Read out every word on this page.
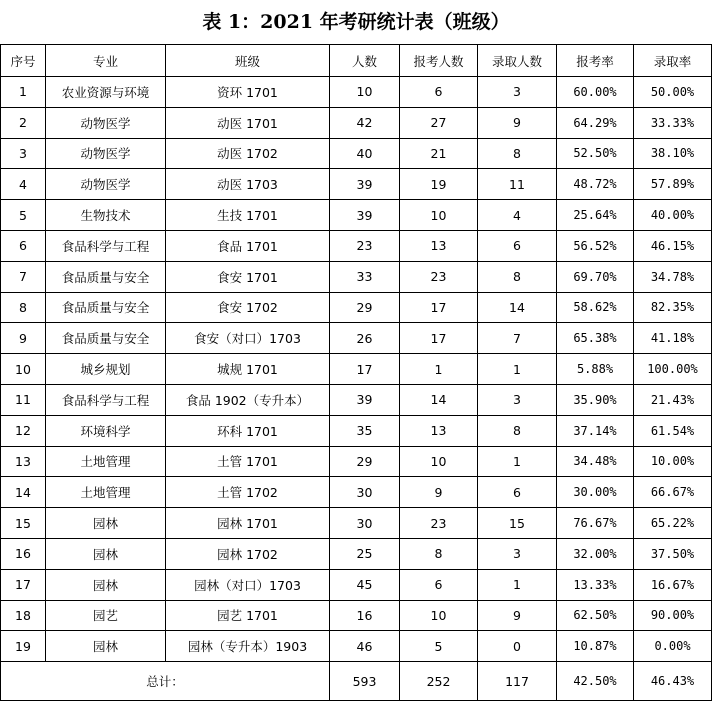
表 1：2021 年考研统计表（班级）
序号	专业	班级	人数	报考人数	录取人数	报考率	录取率
1	农业资源与环境	资环 1701	10	6	3	60.00%	50.00%
2	动物医学	动医 1701	42	27	9	64.29%	33.33%
3	动物医学	动医 1702	40	21	8	52.50%	38.10%
4	动物医学	动医 1703	39	19	11	48.72%	57.89%
5	生物技术	生技 1701	39	10	4	25.64%	40.00%
6	食品科学与工程	食品 1701	23	13	6	56.52%	46.15%
7	食品质量与安全	食安 1701	33	23	8	69.70%	34.78%
8	食品质量与安全	食安 1702	29	17	14	58.62%	82.35%
9	食品质量与安全	食安（对口）1703	26	17	7	65.38%	41.18%
10	城乡规划	城规 1701	17	1	1	5.88%	100.00%
11	食品科学与工程	食品 1902（专升本）	39	14	3	35.90%	21.43%
12	环境科学	环科 1701	35	13	8	37.14%	61.54%
13	土地管理	土管 1701	29	10	1	34.48%	10.00%
14	土地管理	土管 1702	30	9	6	30.00%	66.67%
15	园林	园林 1701	30	23	15	76.67%	65.22%
16	园林	园林 1702	25	8	3	32.00%	37.50%
17	园林	园林（对口）1703	45	6	1	13.33%	16.67%
18	园艺	园艺 1701	16	10	9	62.50%	90.00%
19	园林	园林（专升本）1903	46	5	0	10.87%	0.00%
总计：			593	252	117	42.50%	46.43%
